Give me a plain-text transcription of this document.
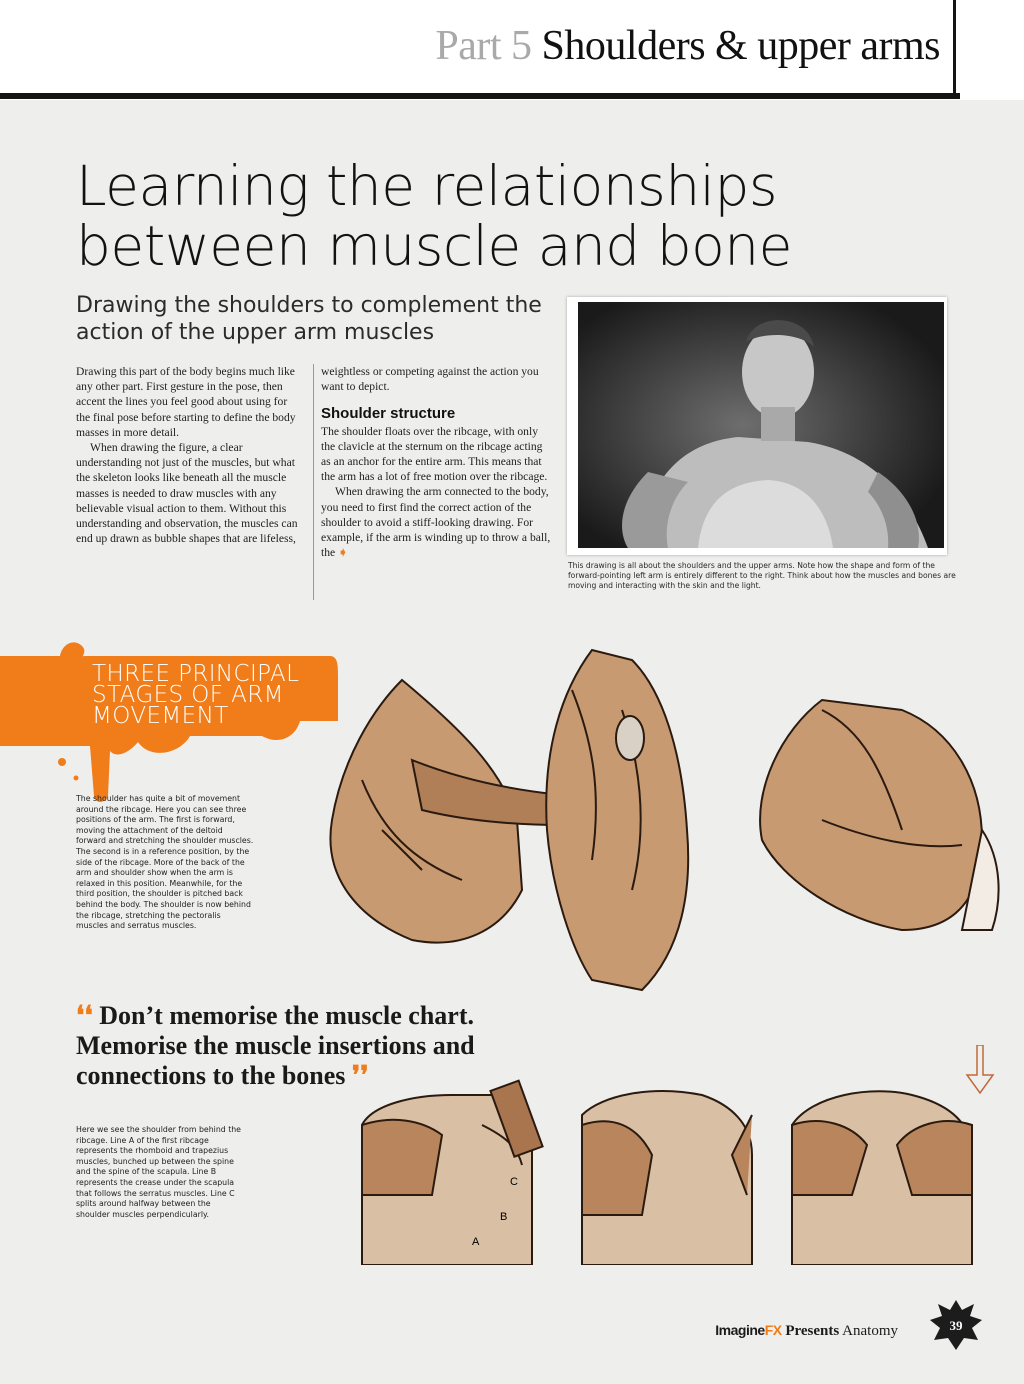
Part 5 Shoulders & upper arms
Learning the relationships between muscle and bone
Drawing the shoulders to complement the action of the upper arm muscles

Drawing this part of the body begins much like any other part. First gesture in the pose, then accent the lines you feel good about using for the final pose before starting to define the body masses in more detail.

When drawing the figure, a clear understanding not just of the muscles, but what the skeleton looks like beneath all the muscle masses is needed to draw muscles with any believable visual action to them. Without this understanding and observation, the muscles can end up drawn as bubble shapes that are lifeless,

weightless or competing against the action you want to depict.

Shoulder structure

The shoulder floats over the ribcage, with only the clavicle at the sternum on the ribcage acting as an anchor for the entire arm. This means that the arm has a lot of free motion over the ribcage.

When drawing the arm connected to the body, you need to first find the correct action of the shoulder to avoid a stiff-looking drawing. For example, if the arm is winding up to throw a ball, the ➧

This drawing is all about the shoulders and the upper arms. Note how the shape and form of the forward-pointing left arm is entirely different to the right. Think about how the muscles and bones are moving and interacting with the skin and the light.
THREE PRINCIPAL STAGES OF ARM MOVEMENT
The shoulder has quite a bit of movement around the ribcage. Here you can see three positions of the arm. The first is forward, moving the attachment of the deltoid forward and stretching the shoulder muscles. The second is in a reference position, by the side of the ribcage. More of the back of the arm and shoulder show when the arm is relaxed in this position. Meanwhile, for the third position, the shoulder is pitched back behind the body. The shoulder is now behind the ribcage, stretching the pectoralis muscles and serratus muscles.
❛❛ Don’t memorise the muscle chart. Memorise the muscle insertions and connections to the bones ❜❜
A
B
C
Here we see the shoulder from behind the ribcage. Line A of the first ribcage represents the rhomboid and trapezius muscles, bunched up between the spine and the spine of the scapula. Line B represents the crease under the scapula that follows the serratus muscles. Line C splits around halfway between the shoulder muscles perpendicularly.
ImagineFX Presents Anatomy	39
